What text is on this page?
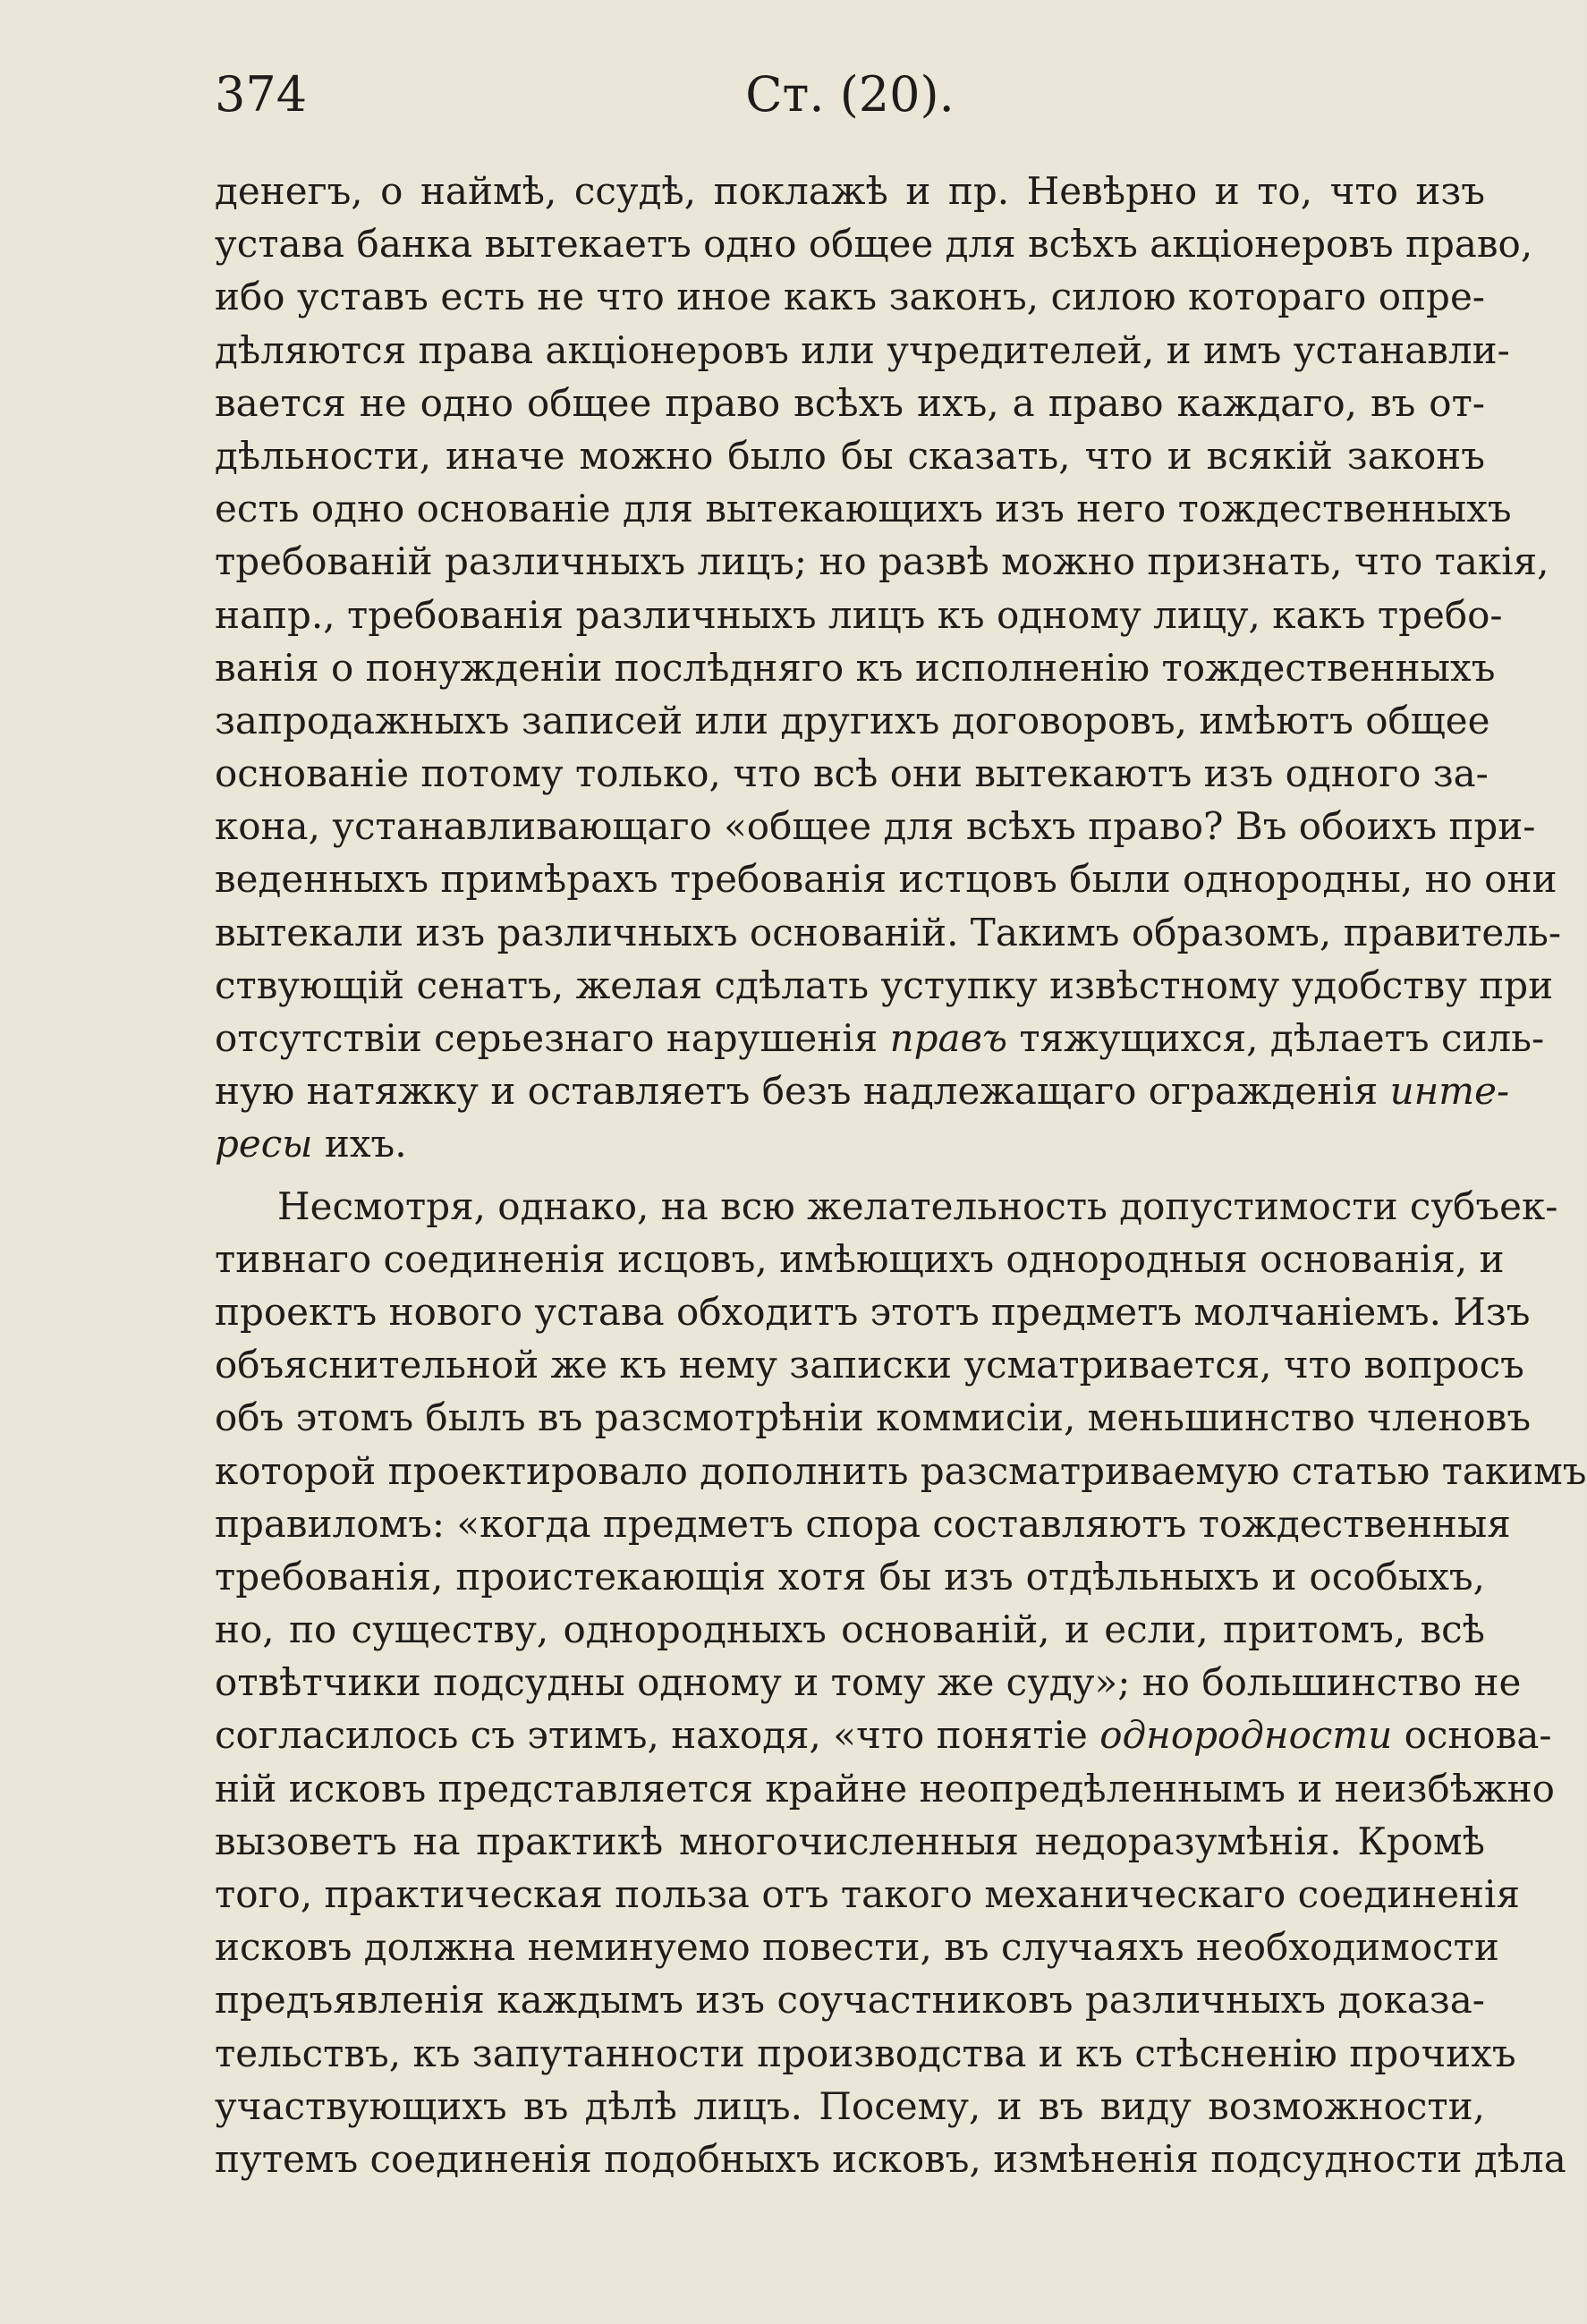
374	Ст. (20).
денегъ, о наймѣ, ссудѣ, поклажѣ и пр. Невѣрно и то, что изъ
устава банка вытекаетъ одно общее для всѣхъ акціонеровъ право,
ибо уставъ есть не что иное какъ законъ, силою котораго опре-
дѣляются права акціонеровъ или учредителей, и имъ устанавли-
вается не одно общее право всѣхъ ихъ, а право каждаго, въ от-
дѣльности, иначе можно было бы сказать, что и всякій законъ
есть одно основаніе для вытекающихъ изъ него тождественныхъ
требованій различныхъ лицъ; но развѣ можно признать, что такія,
напр., требованія различныхъ лицъ къ одному лицу, какъ требо-
ванія о понужденіи послѣдняго къ исполненію тождественныхъ
запродажныхъ записей или другихъ договоровъ, имѣютъ общее
основаніе потому только, что всѣ они вытекаютъ изъ одного за-
кона, устанавливающаго «общее для всѣхъ право? Въ обоихъ при-
веденныхъ примѣрахъ требованія истцовъ были однородны, но они
вытекали изъ различныхъ основаній. Такимъ образомъ, правитель-
ствующій сенатъ, желая сдѣлать уступку извѣстному удобству при
отсутствіи серьезнаго нарушенія правъ тяжущихся, дѣлаетъ силь-
ную натяжку и оставляетъ безъ надлежащаго огражденія инте-
ресы ихъ.
Несмотря, однако, на всю желательность допустимости субъек-
тивнаго соединенія исцовъ, имѣющихъ однородныя основанія, и
проектъ нового устава обходитъ этотъ предметъ молчаніемъ. Изъ
объяснительной же къ нему записки усматривается, что вопросъ
объ этомъ былъ въ разсмотрѣніи коммисіи, меньшинство членовъ
которой проектировало дополнить разсматриваемую статью такимъ
правиломъ: «когда предметъ спора составляютъ тождественныя
требованія, проистекающія хотя бы изъ отдѣльныхъ и особыхъ,
но, по существу, однородныхъ основаній, и если, притомъ, всѣ
отвѣтчики подсудны одному и тому же суду»; но большинство не
согласилось съ этимъ, находя, «что понятіе однородности основа-
ній исковъ представляется крайне неопредѣленнымъ и неизбѣжно
вызоветъ на практикѣ многочисленныя недоразумѣнія. Кромѣ
того, практическая польза отъ такого механическаго соединенія
исковъ должна неминуемо повести, въ случаяхъ необходимости
предъявленія каждымъ изъ соучастниковъ различныхъ доказа-
тельствъ, къ запутанности производства и къ стѣсненію прочихъ
участвующихъ въ дѣлѣ лицъ. Посему, и въ виду возможности,
путемъ соединенія подобныхъ исковъ, измѣненія подсудности дѣла
